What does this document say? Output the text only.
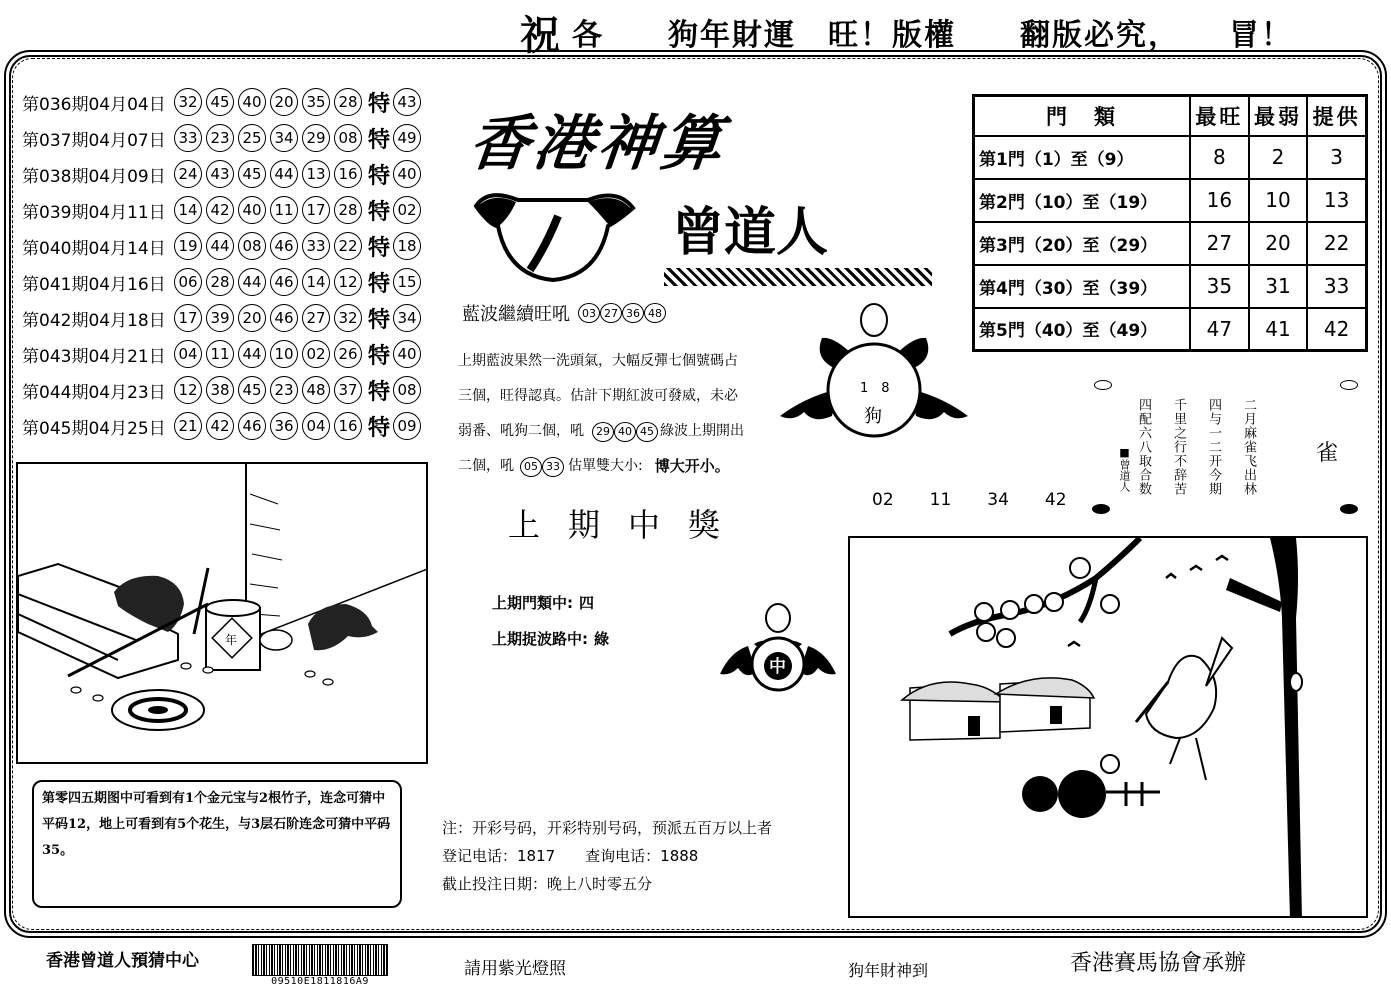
祝 各　　狗年財運　旺！版權　　翻版必究，　　冒！
第036期04月04日 32 45 40 20 35 28 特 43
第037期04月07日 33 23 25 34 29 08 特 49
第038期04月09日 24 43 45 44 13 16 特 40
第039期04月11日 14 42 40 11 17 28 特 02
第040期04月14日 19 44 08 46 33 22 特 18
第041期04月16日 06 28 44 46 14 12 特 15
第042期04月18日 17 39 20 46 27 32 特 34
第043期04月21日 04 11 44 10 02 26 特 40
第044期04月23日 12 38 45 23 48 37 特 08
第045期04月25日 21 42 46 36 04 16 特 09
香港神算
曾道人
藍波繼續旺吼	03 27 36 48
上期藍波果然一洗頭氣，大幅反彈七個號碼占
三個，旺得認真。估計下期紅波可發威，未必
弱番、吼狗二個，吼	29 40 45 綠波上期開出
二個，吼 05 33 估單雙大小: 博大开小。
1　8
狗
上期中獎
上期門類中: 四
上期捉波路中: 綠
中
門　類	最旺	最弱	提供
第1門（1）至（9）	8	2	3
第2門（10）至（19）	16	10	13
第3門（20）至（29）	27	20	22
第4門（30）至（39）	35	31	33
第5門（40）至（49）	47	41	42
二月麻雀飞出林
四与一二开今期
千里之行不辞苦
四配六八取合数
■曾道人	雀
02 11 34 42
年
第零四五期图中可看到有1个金元宝与2根竹子，连念可猜中平码12，地上可看到有5个花生，与3层石阶连念可猜中平码35。
注：开彩号码，开彩特别号码，预派五百万以上者
登记电话：1817　　查询电话：1888
截止投注日期：晚上八时零五分
香港曾道人預猜中心
09510E1811816A9
請用紫光燈照	狗年財神到	香港賽馬協會承辦
